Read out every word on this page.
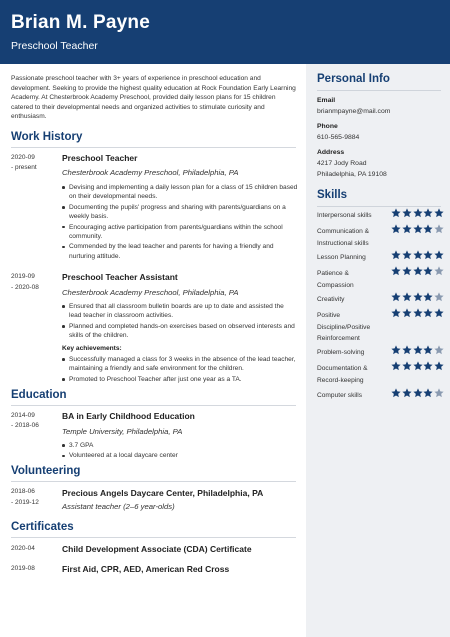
Brian M. Payne
Preschool Teacher
Passionate preschool teacher with 3+ years of experience in preschool education and development. Seeking to provide the highest quality education at Rock Foundation Early Learning Academy. At Chesterbrook Academy Preschool, provided daily lesson plans for 15 children catered to their developmental needs and organized activities to stimulate curiosity and enthusiasm.
Work History
2020-09
- present
Preschool Teacher
Chesterbrook Academy Preschool, Philadelphia, PA
Devising and implementing a daily lesson plan for a class of 15 children based on their developmental needs.
Documenting the pupils' progress and sharing with parents/guardians on a weekly basis.
Encouraging active participation from parents/guardians within the school community.
Commended by the lead teacher and parents for having a friendly and nurturing attitude.
2019-09
- 2020-08
Preschool Teacher Assistant
Chesterbrook Academy Preschool, Philadelphia, PA
Ensured that all classroom bulletin boards are up to date and assisted the lead teacher in classroom activities.
Planned and completed hands-on exercises based on observed interests and skills of the children.
Key achievements:
Successfully managed a class for 3 weeks in the absence of the lead teacher, maintaining a friendly and safe environment for the children.
Promoted to Preschool Teacher after just one year as a TA.
Education
2014-09
- 2018-06
BA in Early Childhood Education
Temple University, Philadelphia, PA
3.7 GPA
Volunteered at a local daycare center
Volunteering
2018-06
- 2019-12
Precious Angels Daycare Center, Philadelphia, PA
Assistant teacher (2–6 year-olds)
Certificates
2020-04	Child Development Associate (CDA) Certificate
2019-08	First Aid, CPR, AED, American Red Cross
Personal Info
Email
brianmpayne@mail.com
Phone
610-565-9884
Address
4217 Jody Road
Philadelphia, PA 19108
Skills
Interpersonal skills
Communication & Instructional skills
Lesson Planning
Patience & Compassion
Creativity
Positive Discipline/Positive Reinforcement
Problem-solving
Documentation & Record-keeping
Computer skills
